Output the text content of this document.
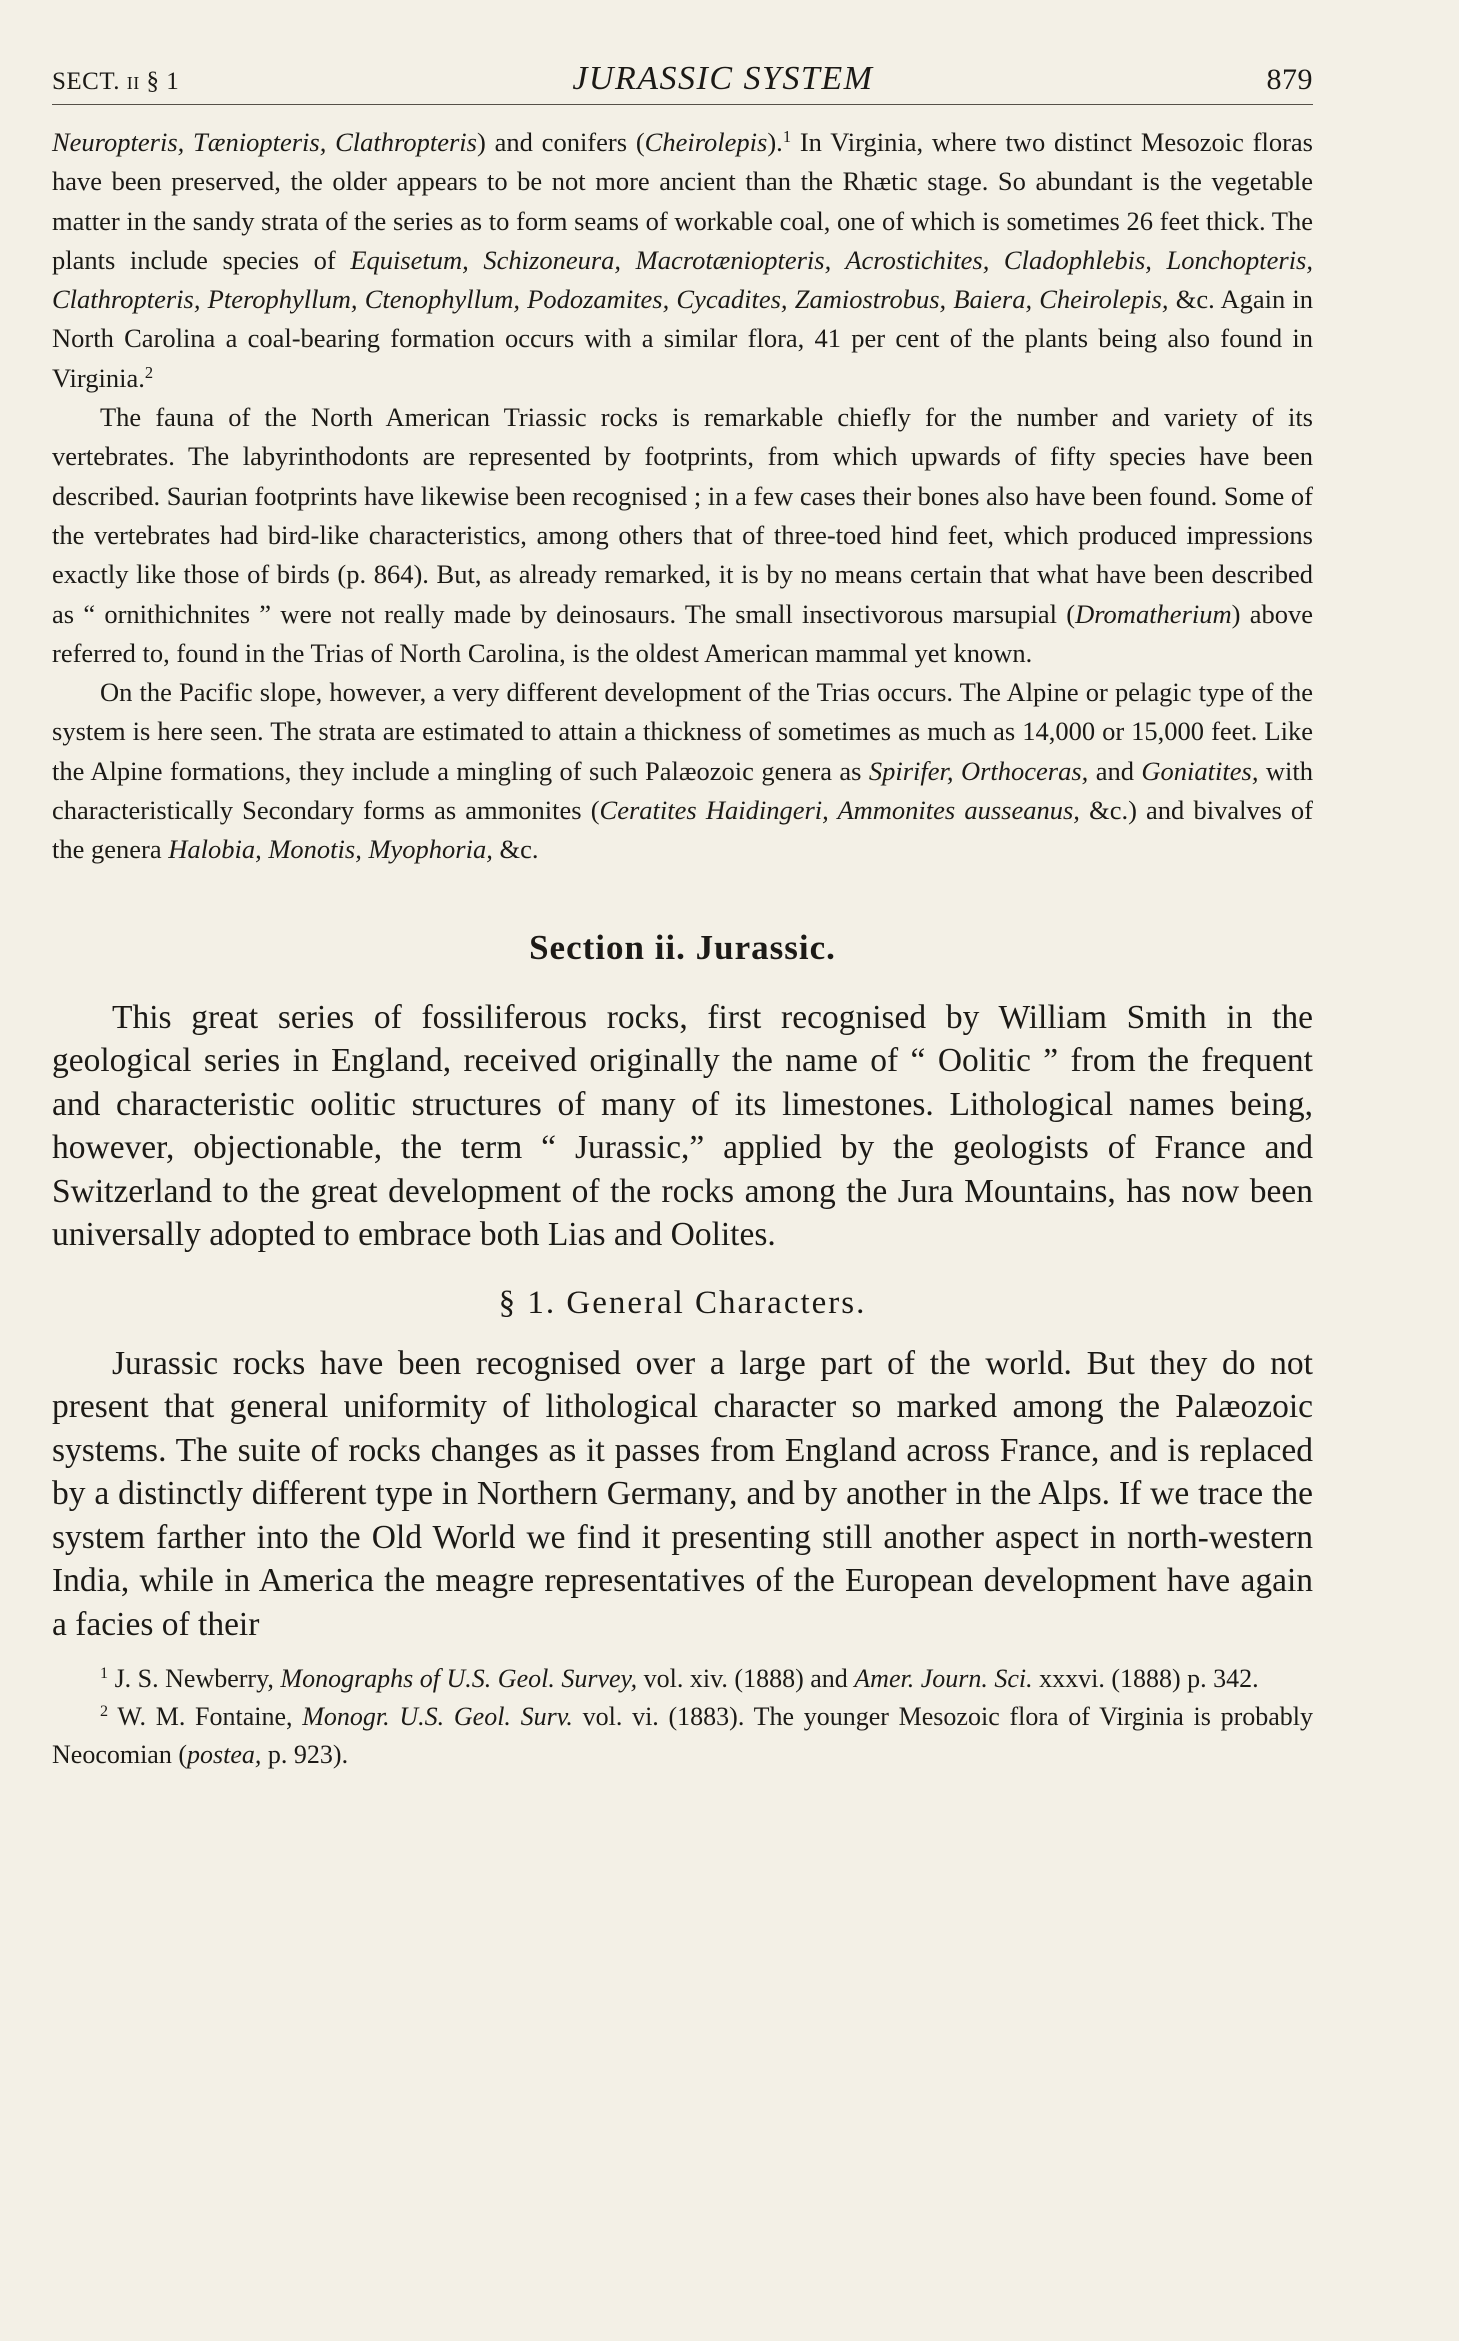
SECT. ii § 1	JURASSIC SYSTEM	879

Neuropteris, Tæniopteris, Clathropteris) and conifers (Cheirolepis).$^1$ In Virginia, where two distinct Mesozoic floras have been preserved, the older appears to be not more ancient than the Rhætic stage. So abundant is the vegetable matter in the sandy strata of the series as to form seams of workable coal, one of which is sometimes 26 feet thick. The plants include species of Equisetum, Schizoneura, Macrotæniopteris, Acrostichites, Cladophlebis, Lonchopteris, Clathropteris, Pterophyllum, Ctenophyllum, Podozamites, Cycadites, Zamiostrobus, Baiera, Cheirolepis, &c. Again in North Carolina a coal-bearing formation occurs with a similar flora, 41 per cent of the plants being also found in Virginia.$^2$

The fauna of the North American Triassic rocks is remarkable chiefly for the number and variety of its vertebrates. The labyrinthodonts are represented by footprints, from which upwards of fifty species have been described. Saurian footprints have likewise been recognised ; in a few cases their bones also have been found. Some of the vertebrates had bird-like characteristics, among others that of three-toed hind feet, which produced impressions exactly like those of birds (p. 864). But, as already remarked, it is by no means certain that what have been described as “ ornithichnites ” were not really made by deinosaurs. The small insectivorous marsupial (Dromatherium) above referred to, found in the Trias of North Carolina, is the oldest American mammal yet known.

On the Pacific slope, however, a very different development of the Trias occurs. The Alpine or pelagic type of the system is here seen. The strata are estimated to attain a thickness of sometimes as much as 14,000 or 15,000 feet. Like the Alpine formations, they include a mingling of such Palæozoic genera as Spirifer, Orthoceras, and Goniatites, with characteristically Secondary forms as ammonites (Ceratites Haidingeri, Ammonites ausseanus, &c.) and bivalves of the genera Halobia, Monotis, Myophoria, &c.

Section ii. Jurassic.

This great series of fossiliferous rocks, first recognised by William Smith in the geological series in England, received originally the name of “ Oolitic ” from the frequent and characteristic oolitic structures of many of its limestones. Lithological names being, however, objectionable, the term “ Jurassic,” applied by the geologists of France and Switzerland to the great development of the rocks among the Jura Mountains, has now been universally adopted to embrace both Lias and Oolites.

§ 1. General Characters.

Jurassic rocks have been recognised over a large part of the world. But they do not present that general uniformity of lithological character so marked among the Palæozoic systems. The suite of rocks changes as it passes from England across France, and is replaced by a distinctly different type in Northern Germany, and by another in the Alps. If we trace the system farther into the Old World we find it presenting still another aspect in north-western India, while in America the meagre representatives of the European development have again a facies of their

$^1$ J. S. Newberry, Monographs of U.S. Geol. Survey, vol. xiv. (1888) and Amer. Journ. Sci. xxxvi. (1888) p. 342.

$^2$ W. M. Fontaine, Monogr. U.S. Geol. Surv. vol. vi. (1883). The younger Mesozoic flora of Virginia is probably Neocomian (postea, p. 923).
